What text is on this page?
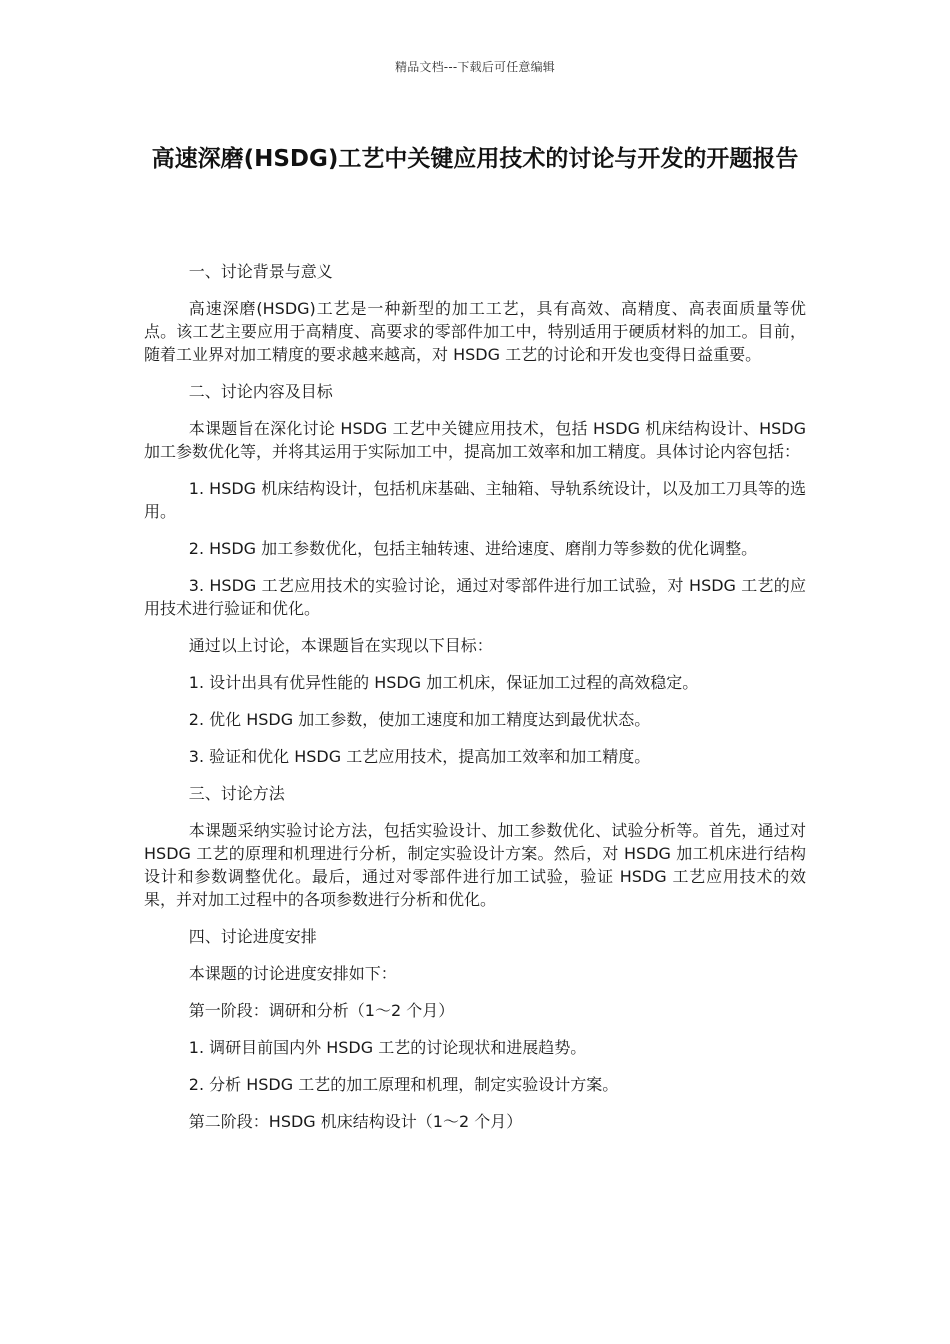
精品文档---下载后可任意编辑
高速深磨(HSDG)工艺中关键应用技术的讨论与开发的开题报告

一、讨论背景与意义

高速深磨(HSDG)工艺是一种新型的加工工艺，具有高效、高精度、高表面质量等优点。该工艺主要应用于高精度、高要求的零部件加工中，特别适用于硬质材料的加工。目前，随着工业界对加工精度的要求越来越高，对 HSDG 工艺的讨论和开发也变得日益重要。

二、讨论内容及目标

本课题旨在深化讨论 HSDG 工艺中关键应用技术，包括 HSDG 机床结构设计、HSDG 加工参数优化等，并将其运用于实际加工中，提高加工效率和加工精度。具体讨论内容包括：

1. HSDG 机床结构设计，包括机床基础、主轴箱、导轨系统设计，以及加工刀具等的选用。

2. HSDG 加工参数优化，包括主轴转速、进给速度、磨削力等参数的优化调整。

3. HSDG 工艺应用技术的实验讨论，通过对零部件进行加工试验，对 HSDG 工艺的应用技术进行验证和优化。

通过以上讨论，本课题旨在实现以下目标：

1. 设计出具有优异性能的 HSDG 加工机床，保证加工过程的高效稳定。

2. 优化 HSDG 加工参数，使加工速度和加工精度达到最优状态。

3. 验证和优化 HSDG 工艺应用技术，提高加工效率和加工精度。

三、讨论方法

本课题采纳实验讨论方法，包括实验设计、加工参数优化、试验分析等。首先，通过对 HSDG 工艺的原理和机理进行分析，制定实验设计方案。然后，对 HSDG 加工机床进行结构设计和参数调整优化。最后，通过对零部件进行加工试验，验证 HSDG 工艺应用技术的效果，并对加工过程中的各项参数进行分析和优化。

四、讨论进度安排

本课题的讨论进度安排如下：

第一阶段：调研和分析（1～2 个月）

1. 调研目前国内外 HSDG 工艺的讨论现状和进展趋势。

2. 分析 HSDG 工艺的加工原理和机理，制定实验设计方案。

第二阶段：HSDG 机床结构设计（1～2 个月）
